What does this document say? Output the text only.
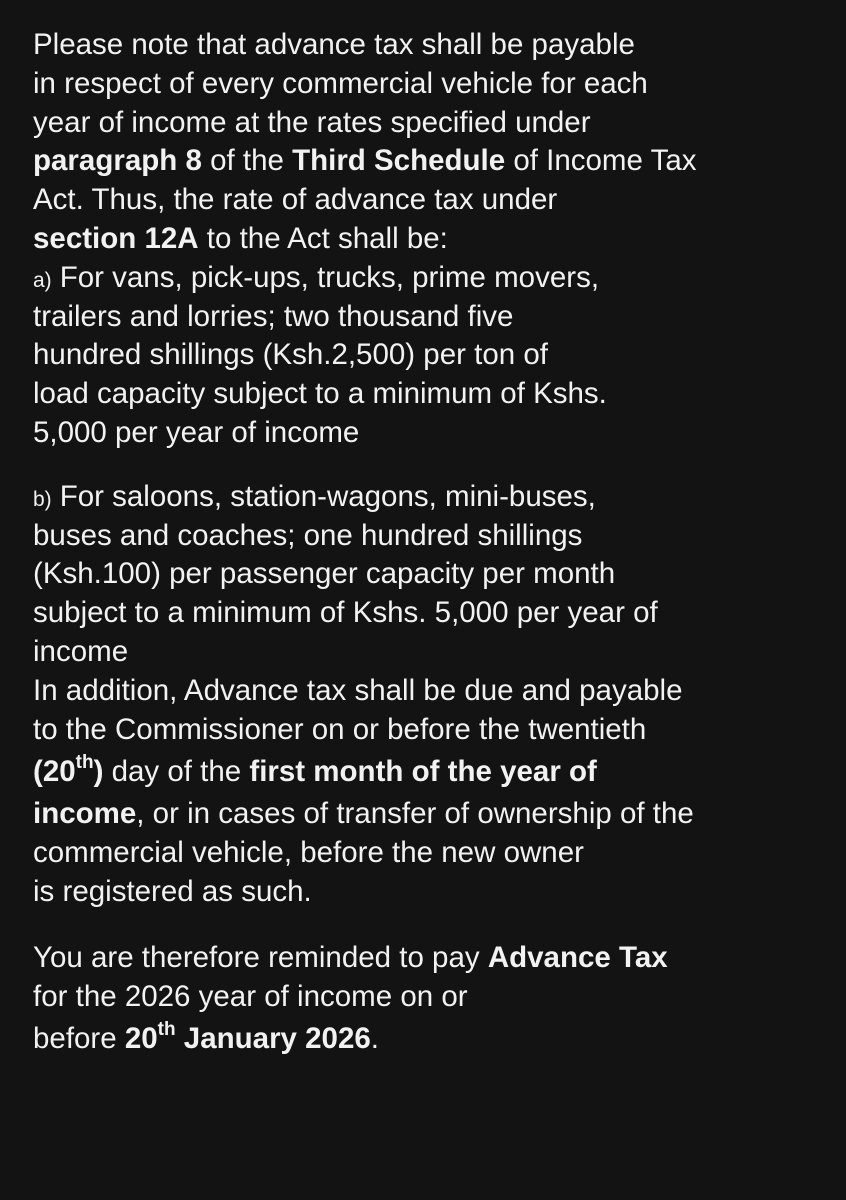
Please note that advance tax shall be payable
in respect of every commercial vehicle for each
year of income at the rates specified under
paragraph 8 of the Third Schedule of Income Tax
Act. Thus, the rate of advance tax under
section 12A to the Act shall be:
a) For vans, pick-ups, trucks, prime movers,
trailers and lorries; two thousand five
hundred shillings (Ksh.2,500) per ton of
load capacity subject to a minimum of Kshs.
5,000 per year of income
b) For saloons, station-wagons, mini-buses,
buses and coaches; one hundred shillings
(Ksh.100) per passenger capacity per month
subject to a minimum of Kshs. 5,000 per year of
income
In addition, Advance tax shall be due and payable
to the Commissioner on or before the twentieth
(20th) day of the first month of the year of
income, or in cases of transfer of ownership of the
commercial vehicle, before the new owner
is registered as such.
You are therefore reminded to pay Advance Tax
for the 2026 year of income on or
before 20th January 2026.
